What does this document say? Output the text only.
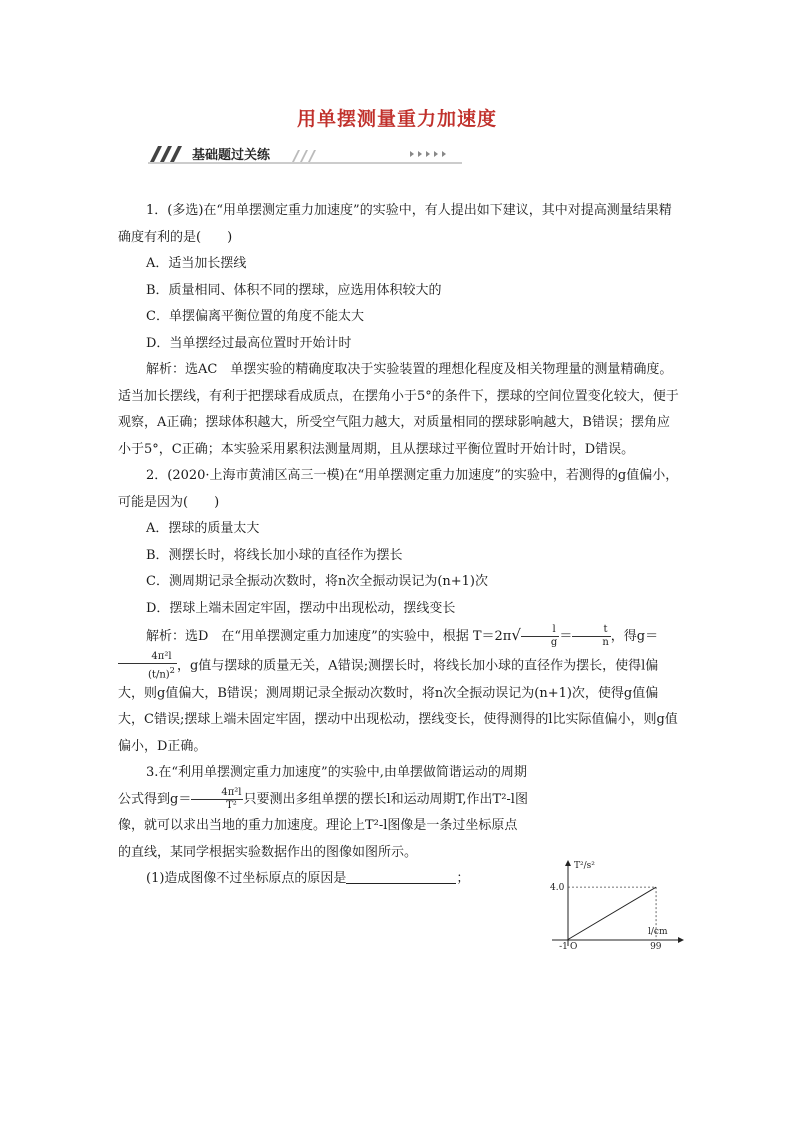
用单摆测量重力加速度
基础题过关练

1．(多选)在“用单摆测定重力加速度”的实验中，有人提出如下建议，其中对提高测量结果精确度有利的是(　　)

A．适当加长摆线

B．质量相同、体积不同的摆球，应选用体积较大的

C．单摆偏离平衡位置的角度不能太大

D．当单摆经过最高位置时开始计时

解析：选AC　单摆实验的精确度取决于实验装置的理想化程度及相关物理量的测量精确度。适当加长摆线，有利于把摆球看成质点，在摆角小于5°的条件下，摆球的空间位置变化较大，便于观察，A正确；摆球体积越大，所受空气阻力越大，对质量相同的摆球影响越大，B错误；摆角应小于5°，C正确；本实验采用累积法测量周期，且从摆球过平衡位置时开始计时，D错误。

2．(2020·上海市黄浦区高三一模)在“用单摆测定重力加速度”的实验中，若测得的g值偏小，可能是因为(　　)

A．摆球的质量太大

B．测摆长时，将线长加小球的直径作为摆长

C．测周期记录全振动次数时，将n次全振动误记为(n+1)次

D．摆球上端未固定牢固，摆动中出现松动，摆线变长

解析：选D　在“用单摆测定重力加速度”的实验中，根据 $T=2\pi√ \frac{l}{g} = \frac{t}{n}$ ，得g＝
$\frac{\text{4π²l}}{(t/n)^2}$ ，g值与摆球的质量无关，A错误;测摆长时，将线长加小球的直径作为摆长，使得l偏大，则g值偏大，B错误；测周期记录全振动次数时，将n次全振动误记为(n+1)次，使得g值偏大，C错误;摆球上端未固定牢固，摆动中出现松动，摆线变长，使得测得的l比实际值偏小，则g值偏小，D正确。

3.在“利用单摆测定重力加速度”的实验中,由单摆做简谐运动的周期公式得到$g= \frac{\text{4π²l}}{\text{T²}}$ 只要测出多组单摆的摆长l和运动周期T,作出T²-l图像，就可以求出当地的重力加速度。理论上T²-l图像是一条过坐标原点的直线，某同学根据实验数据作出的图像如图所示。

(1)造成图像不过坐标原点的原因是	；

T²/s²
l/cm
4.0
-1 O	99
